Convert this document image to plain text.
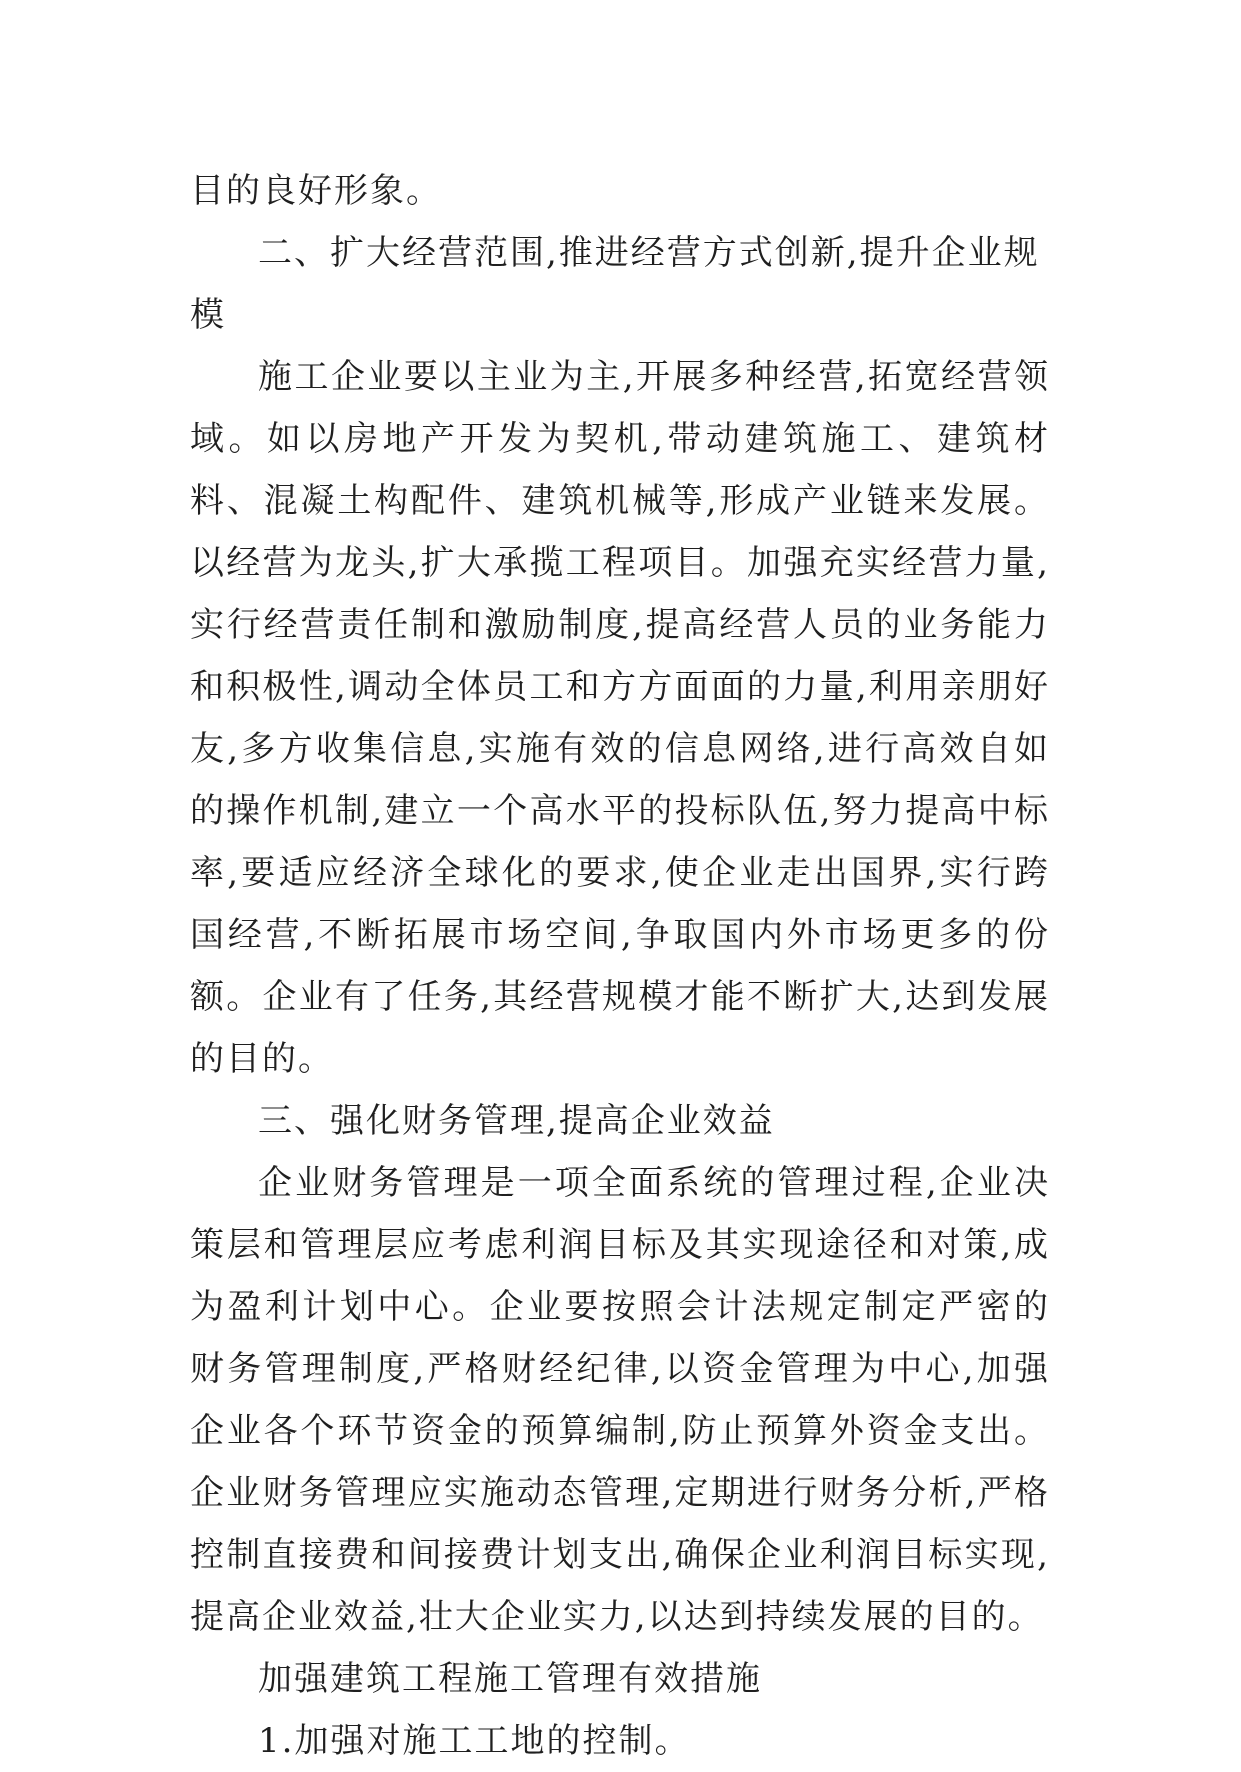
目的良好形象。

二、扩大经营范围,推进经营方式创新,提升企业规模

施工企业要以主业为主,开展多种经营,拓宽经营领域。如以房地产开发为契机,带动建筑施工、建筑材料、混凝土构配件、建筑机械等,形成产业链来发展。以经营为龙头,扩大承揽工程项目。加强充实经营力量,实行经营责任制和激励制度,提高经营人员的业务能力和积极性,调动全体员工和方方面面的力量,利用亲朋好友,多方收集信息,实施有效的信息网络,进行高效自如的操作机制,建立一个高水平的投标队伍,努力提高中标率,要适应经济全球化的要求,使企业走出国界,实行跨国经营,不断拓展市场空间,争取国内外市场更多的份额。企业有了任务,其经营规模才能不断扩大,达到发展的目的。

三、强化财务管理,提高企业效益

企业财务管理是一项全面系统的管理过程,企业决策层和管理层应考虑利润目标及其实现途径和对策,成为盈利计划中心。企业要按照会计法规定制定严密的财务管理制度,严格财经纪律,以资金管理为中心,加强企业各个环节资金的预算编制,防止预算外资金支出。企业财务管理应实施动态管理,定期进行财务分析,严格控制直接费和间接费计划支出,确保企业利润目标实现,提高企业效益,壮大企业实力,以达到持续发展的目的。

加强建筑工程施工管理有效措施

1.加强对施工工地的控制。
